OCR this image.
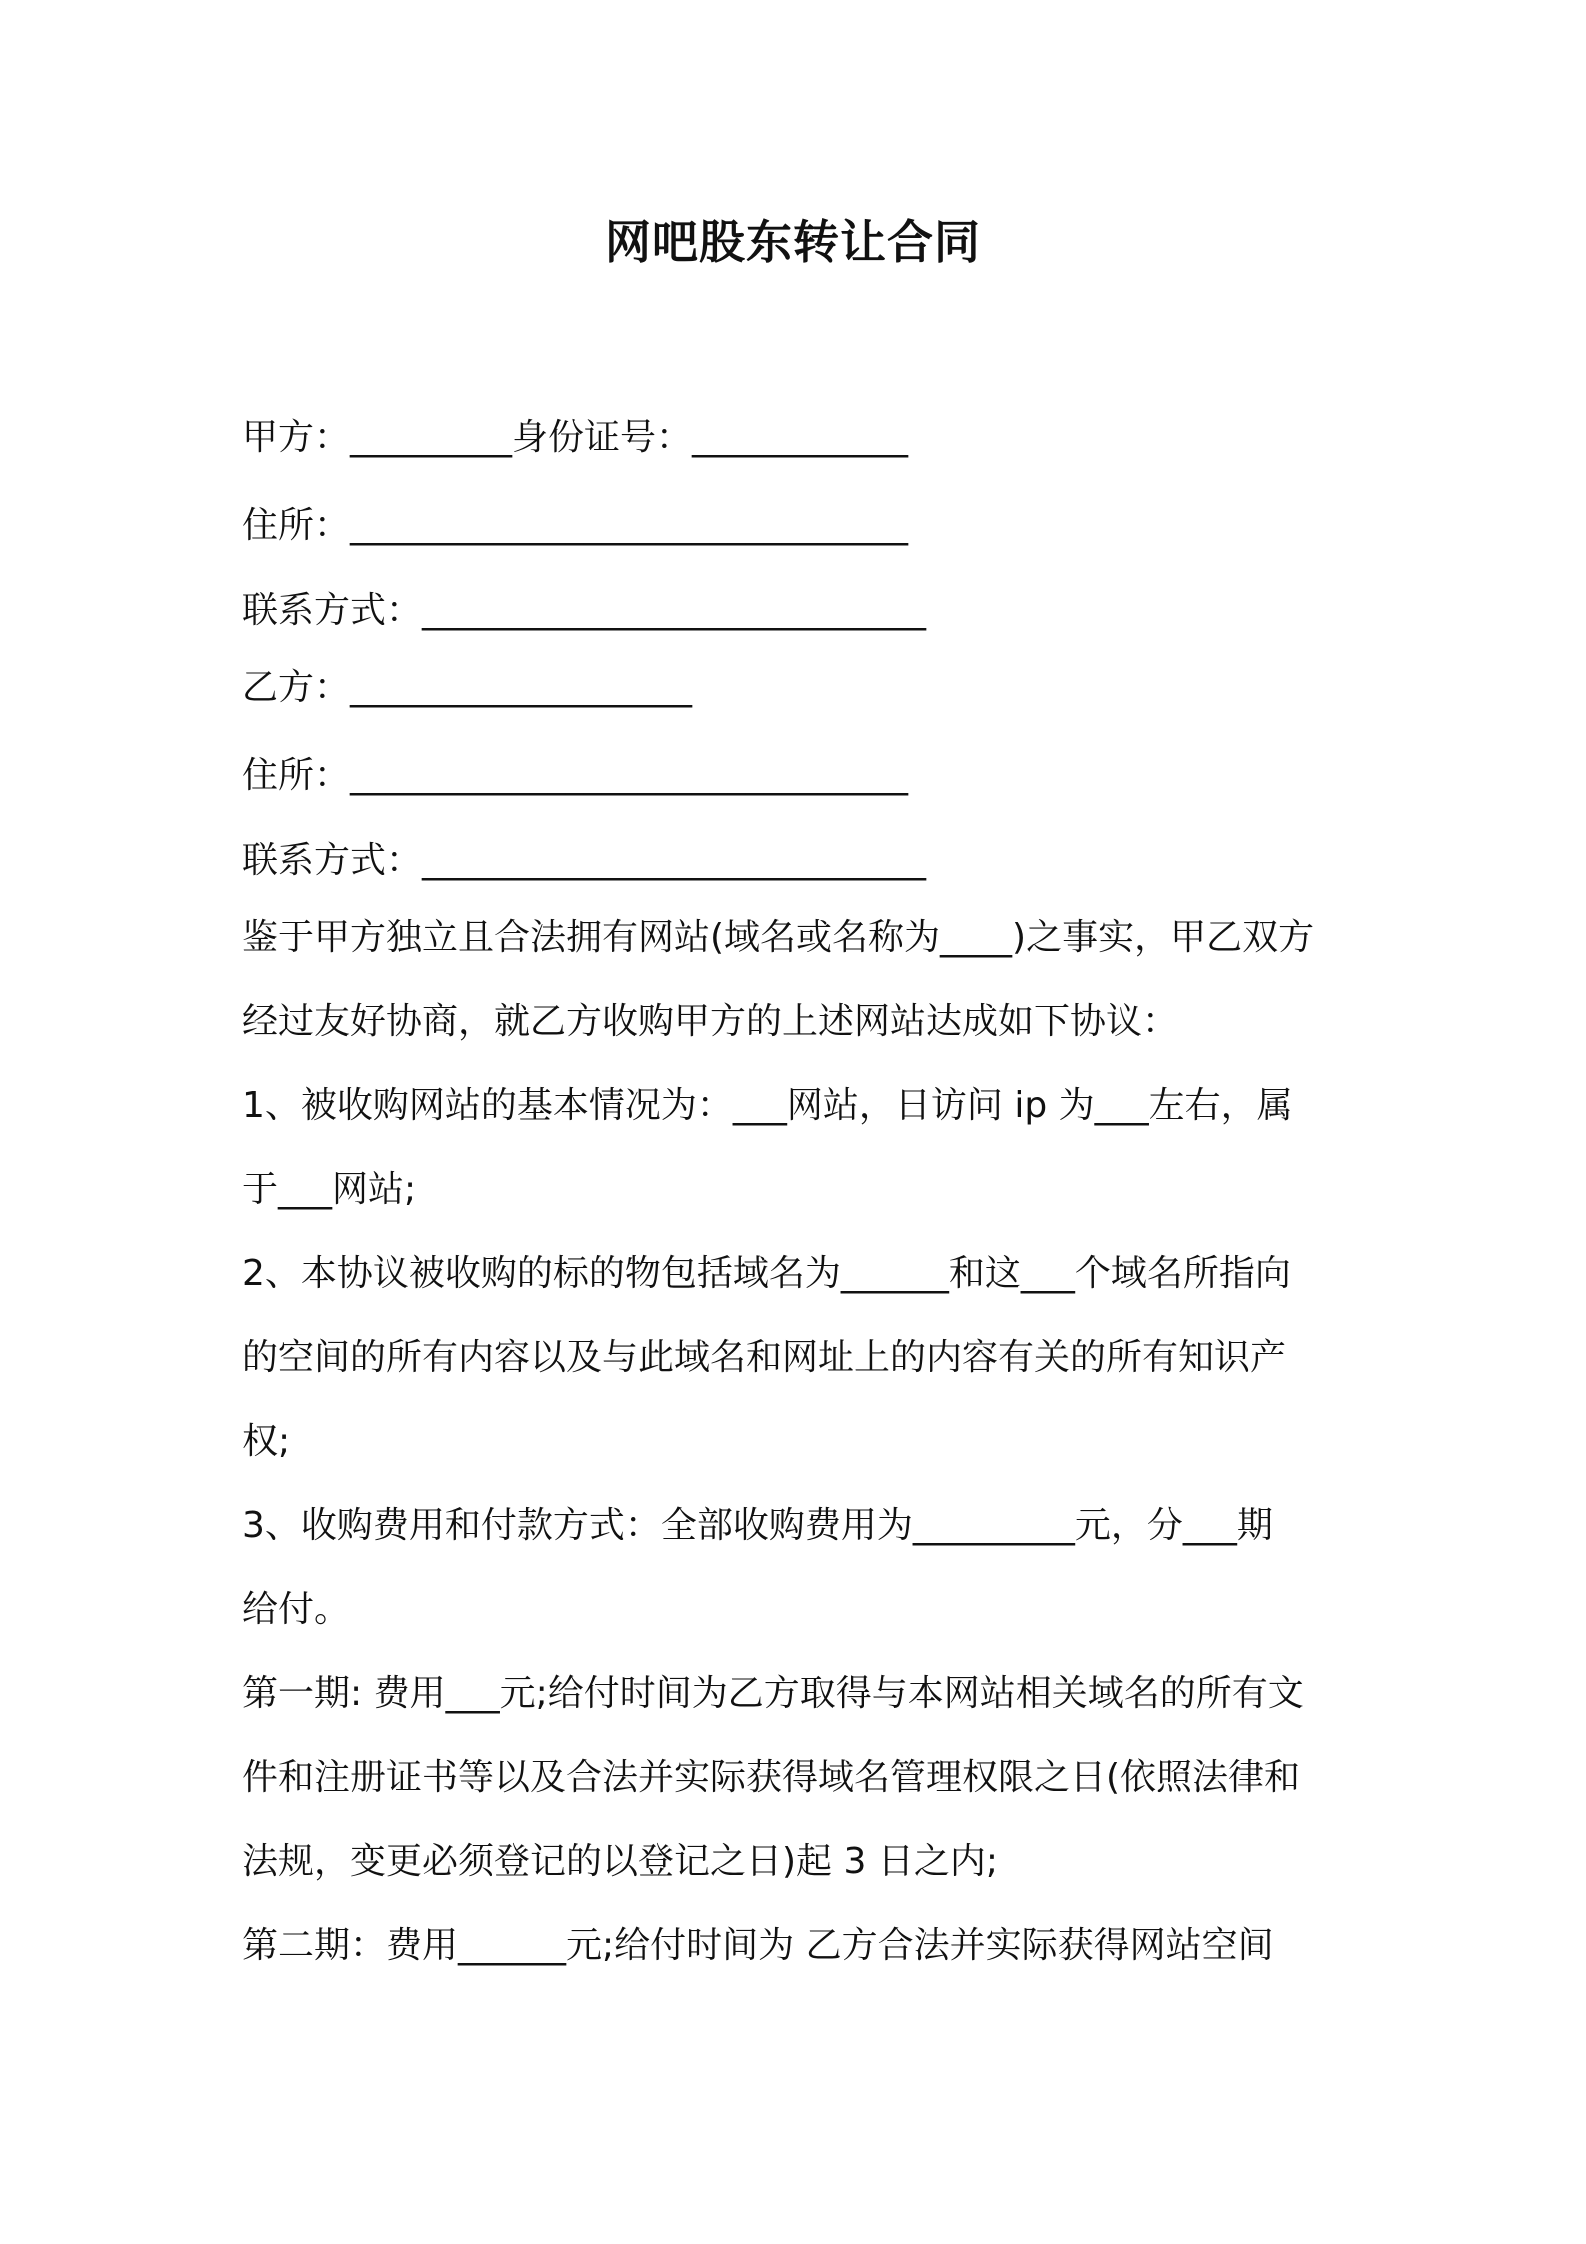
网吧股东转让合同

甲方：_________身份证号：____________

住所：_______________________________

联系方式：____________________________

乙方：___________________

住所：_______________________________

联系方式：____________________________

鉴于甲方独立且合法拥有网站(域名或名称为____)之事实，甲乙双方

经过友好协商，就乙方收购甲方的上述网站达成如下协议：

1、被收购网站的基本情况为：___网站，日访问 ip 为___左右，属

于___网站;

2、本协议被收购的标的物包括域名为______和这___个域名所指向

的空间的所有内容以及与此域名和网址上的内容有关的所有知识产

权;

3、收购费用和付款方式：全部收购费用为_________元，分___期

给付。

第一期: 费用___元;给付时间为乙方取得与本网站相关域名的所有文

件和注册证书等以及合法并实际获得域名管理权限之日(依照法律和

法规，变更必须登记的以登记之日)起 3 日之内;

第二期：费用______元;给付时间为 乙方合法并实际获得网站空间
